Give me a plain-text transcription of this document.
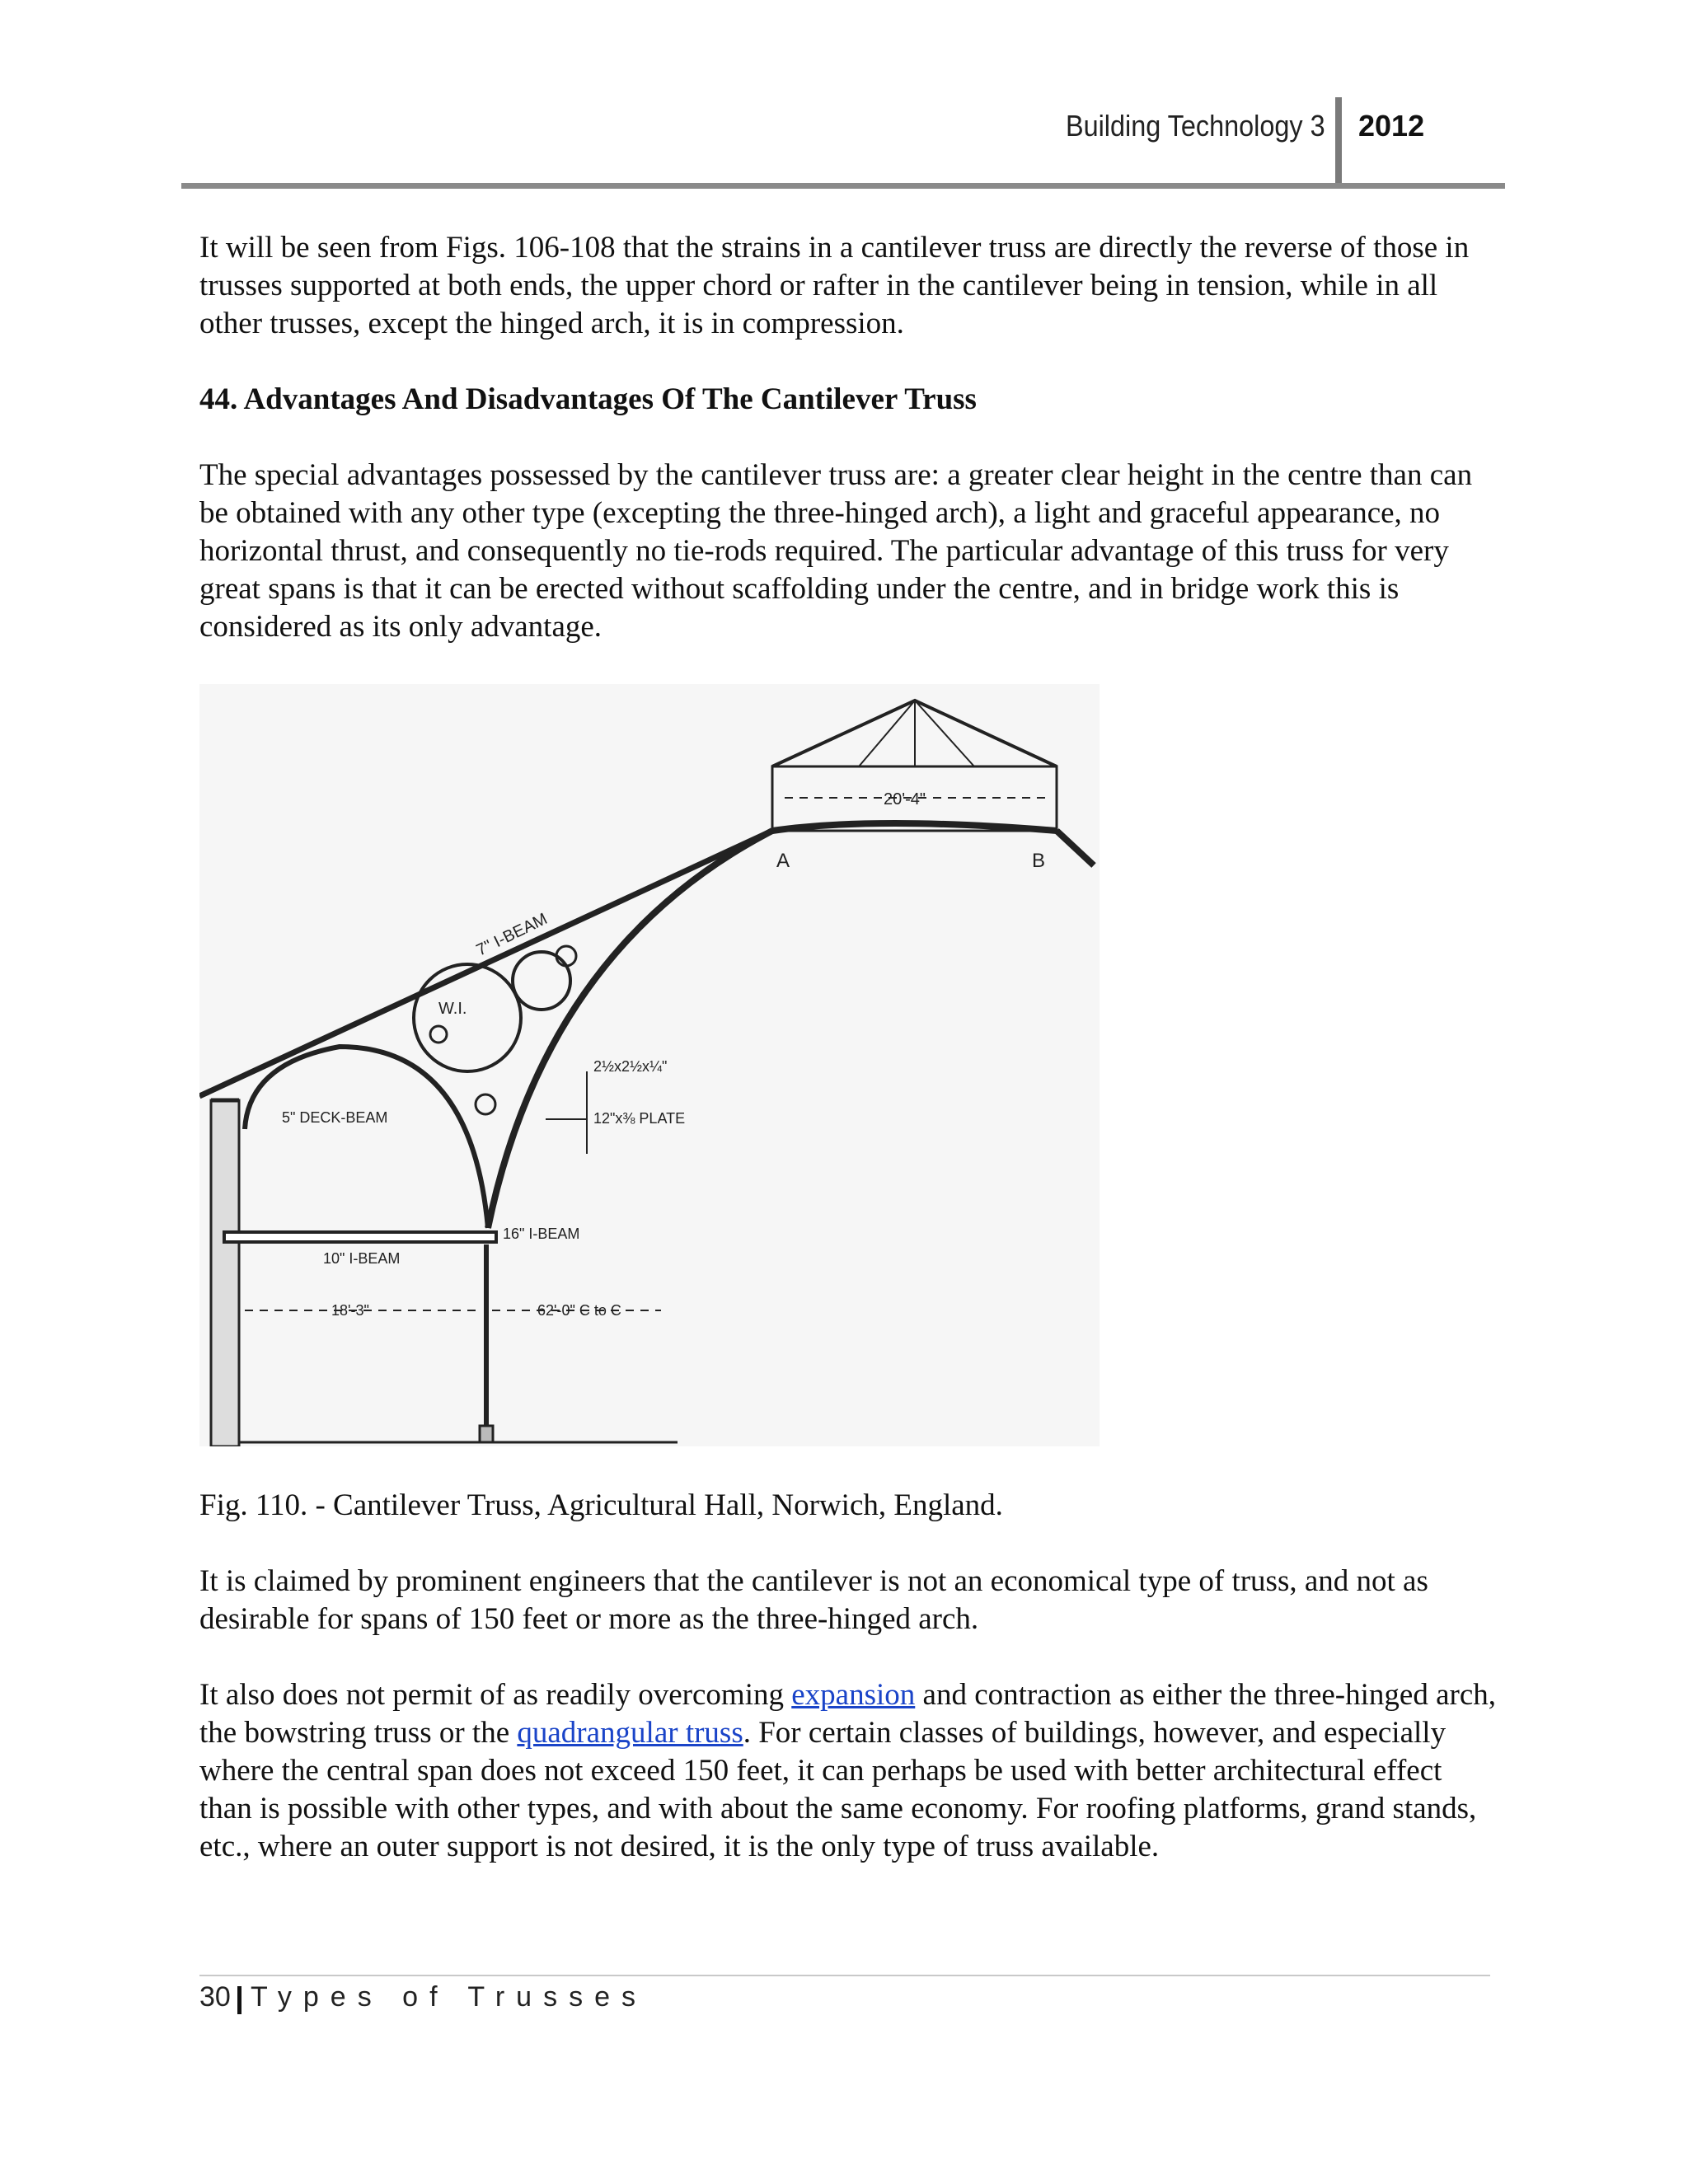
Building Technology 3 2012

It will be seen from Figs. 106-108 that the strains in a cantilever truss are directly the reverse of those in trusses supported at both ends, the upper chord or rafter in the cantilever being in tension, while in all other trusses, except the hinged arch, it is in compression.

44. Advantages And Disadvantages Of The Cantilever Truss

The special advantages possessed by the cantilever truss are: a greater clear height in the centre than can be obtained with any other type (excepting the three-hinged arch), a light and graceful appearance, no horizontal thrust, and consequently no tie-rods required. The particular advantage of this truss for very great spans is that it can be erected without scaffolding under the centre, and in bridge work this is considered as its only advantage.

20'-4"
A	B
7" I-BEAM
W.I.
2½x2½x¼"
12"x⅜ PLATE
5" DECK-BEAM
16" I-BEAM
10" I-BEAM
18'-3"	62'-0" C to C

Fig. 110. - Cantilever Truss, Agricultural Hall, Norwich, England.

It is claimed by prominent engineers that the cantilever is not an economical type of truss, and not as desirable for spans of 150 feet or more as the three-hinged arch.

It also does not permit of as readily overcoming expansion and contraction as either the three-hinged arch, the bowstring truss or the quadrangular truss. For certain classes of buildings, however, and especially where the central span does not exceed 150 feet, it can perhaps be used with better architectural effect than is possible with other types, and with about the same economy. For roofing platforms, grand stands, etc., where an outer support is not desired, it is the only type of truss available.

30 Types of Trusses
